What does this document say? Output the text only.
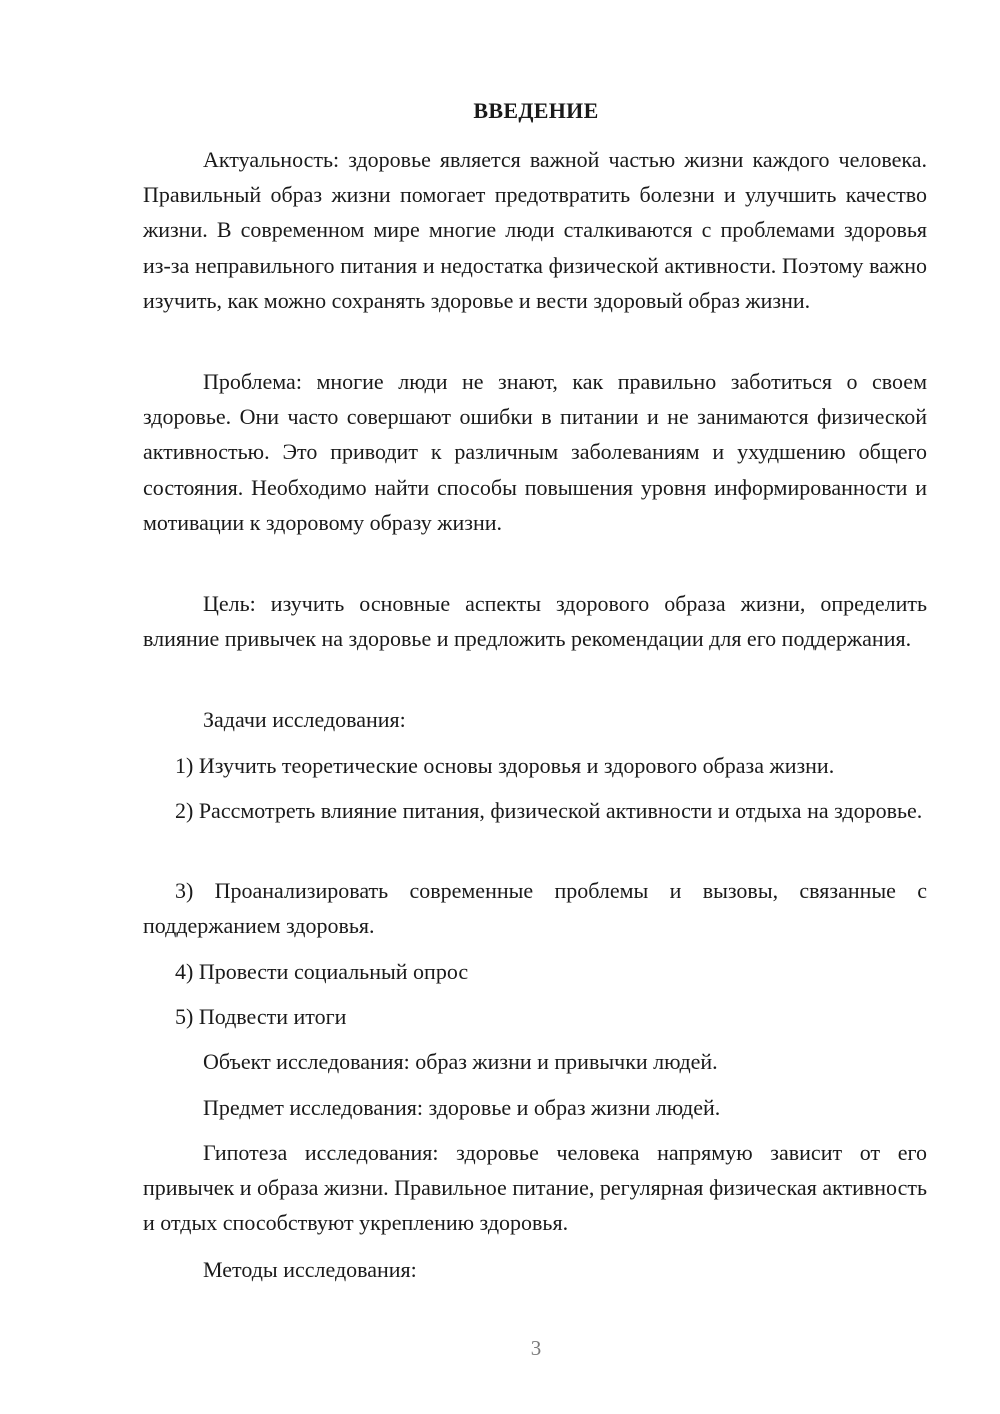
ВВЕДЕНИЕ

Актуальность: здоровье является важной частью жизни каждого человека. Правильный образ жизни помогает предотвратить болезни и улучшить качество жизни. В современном мире многие люди сталкиваются с проблемами здоровья из-за неправильного питания и недостатка физической активности. Поэтому важно изучить, как можно сохранять здоровье и вести здоровый образ жизни.

Проблема: многие люди не знают, как правильно заботиться о своем здоровье. Они часто совершают ошибки в питании и не занимаются физической активностью. Это приводит к различным заболеваниям и ухудшению общего состояния. Необходимо найти способы повышения уровня информированности и мотивации к здоровому образу жизни.

Цель: изучить основные аспекты здорового образа жизни, определить влияние привычек на здоровье и предложить рекомендации для его поддержания.

Задачи исследования:

1) Изучить теоретические основы здоровья и здорового образа жизни.

2) Рассмотреть влияние питания, физической активности и отдыха на здоровье.

3) Проанализировать современные проблемы и вызовы, связанные с поддержанием здоровья.

4) Провести социальный опрос

5) Подвести итоги

Объект исследования: образ жизни и привычки людей.

Предмет исследования: здоровье и образ жизни людей.

Гипотеза исследования: здоровье человека напрямую зависит от его привычек и образа жизни. Правильное питание, регулярная физическая активность и отдых способствуют укреплению здоровья.

Методы исследования:

3
